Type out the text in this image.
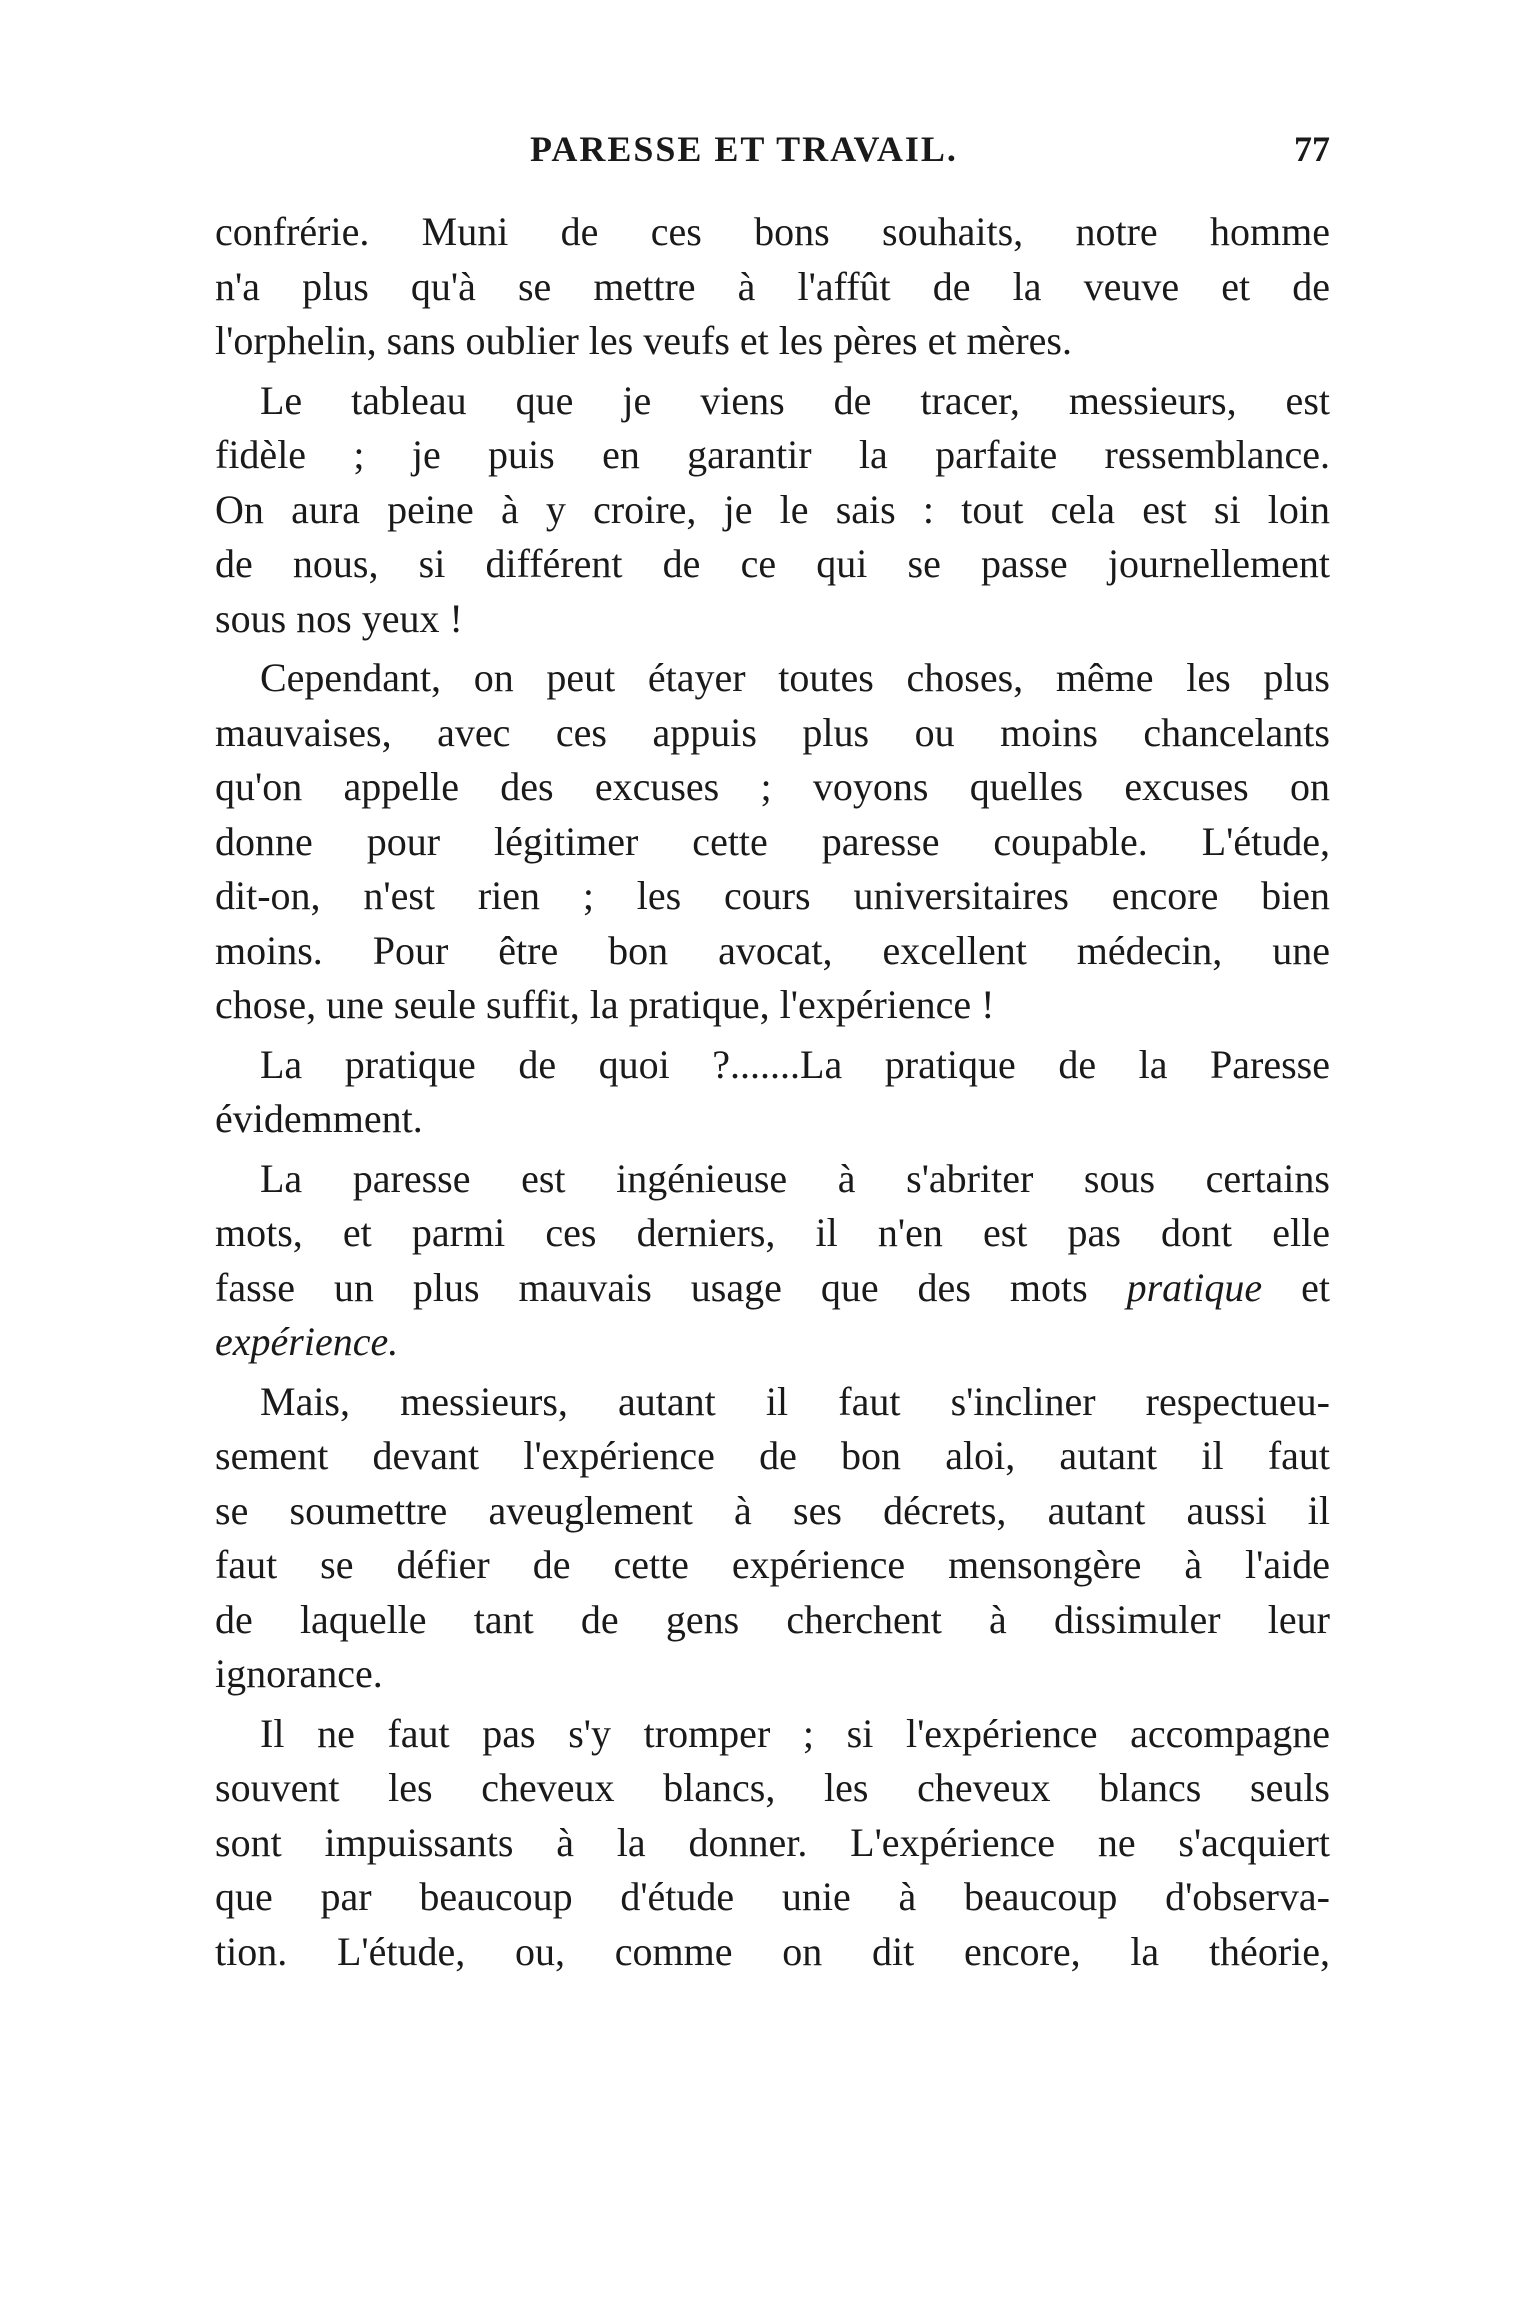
PARESSE ET TRAVAIL.	77
confrérie. Muni de ces bons souhaits, notre homme
n'a plus qu'à se mettre à l'affût de la veuve et de
l'orphelin, sans oublier les veufs et les pères et mères.
Le tableau que je viens de tracer, messieurs, est
fidèle ; je puis en garantir la parfaite ressemblance.
On aura peine à y croire, je le sais : tout cela est si loin
de nous, si différent de ce qui se passe journellement
sous nos yeux !
Cependant, on peut étayer toutes choses, même les plus
mauvaises, avec ces appuis plus ou moins chancelants
qu'on appelle des excuses ; voyons quelles excuses on
donne pour légitimer cette paresse coupable. L'étude,
dit-on, n'est rien ; les cours universitaires encore bien
moins. Pour être bon avocat, excellent médecin, une
chose, une seule suffit, la pratique, l'expérience !
La pratique de quoi ?.......La pratique de la Paresse
évidemment.
La paresse est ingénieuse à s'abriter sous certains
mots, et parmi ces derniers, il n'en est pas dont elle
fasse un plus mauvais usage que des mots pratique et
expérience.
Mais, messieurs, autant il faut s'incliner respectueu-
sement devant l'expérience de bon aloi, autant il faut
se soumettre aveuglement à ses décrets, autant aussi il
faut se défier de cette expérience mensongère à l'aide
de laquelle tant de gens cherchent à dissimuler leur
ignorance.
Il ne faut pas s'y tromper ; si l'expérience accompagne
souvent les cheveux blancs, les cheveux blancs seuls
sont impuissants à la donner. L'expérience ne s'acquiert
que par beaucoup d'étude unie à beaucoup d'observa-
tion. L'étude, ou, comme on dit encore, la théorie,
